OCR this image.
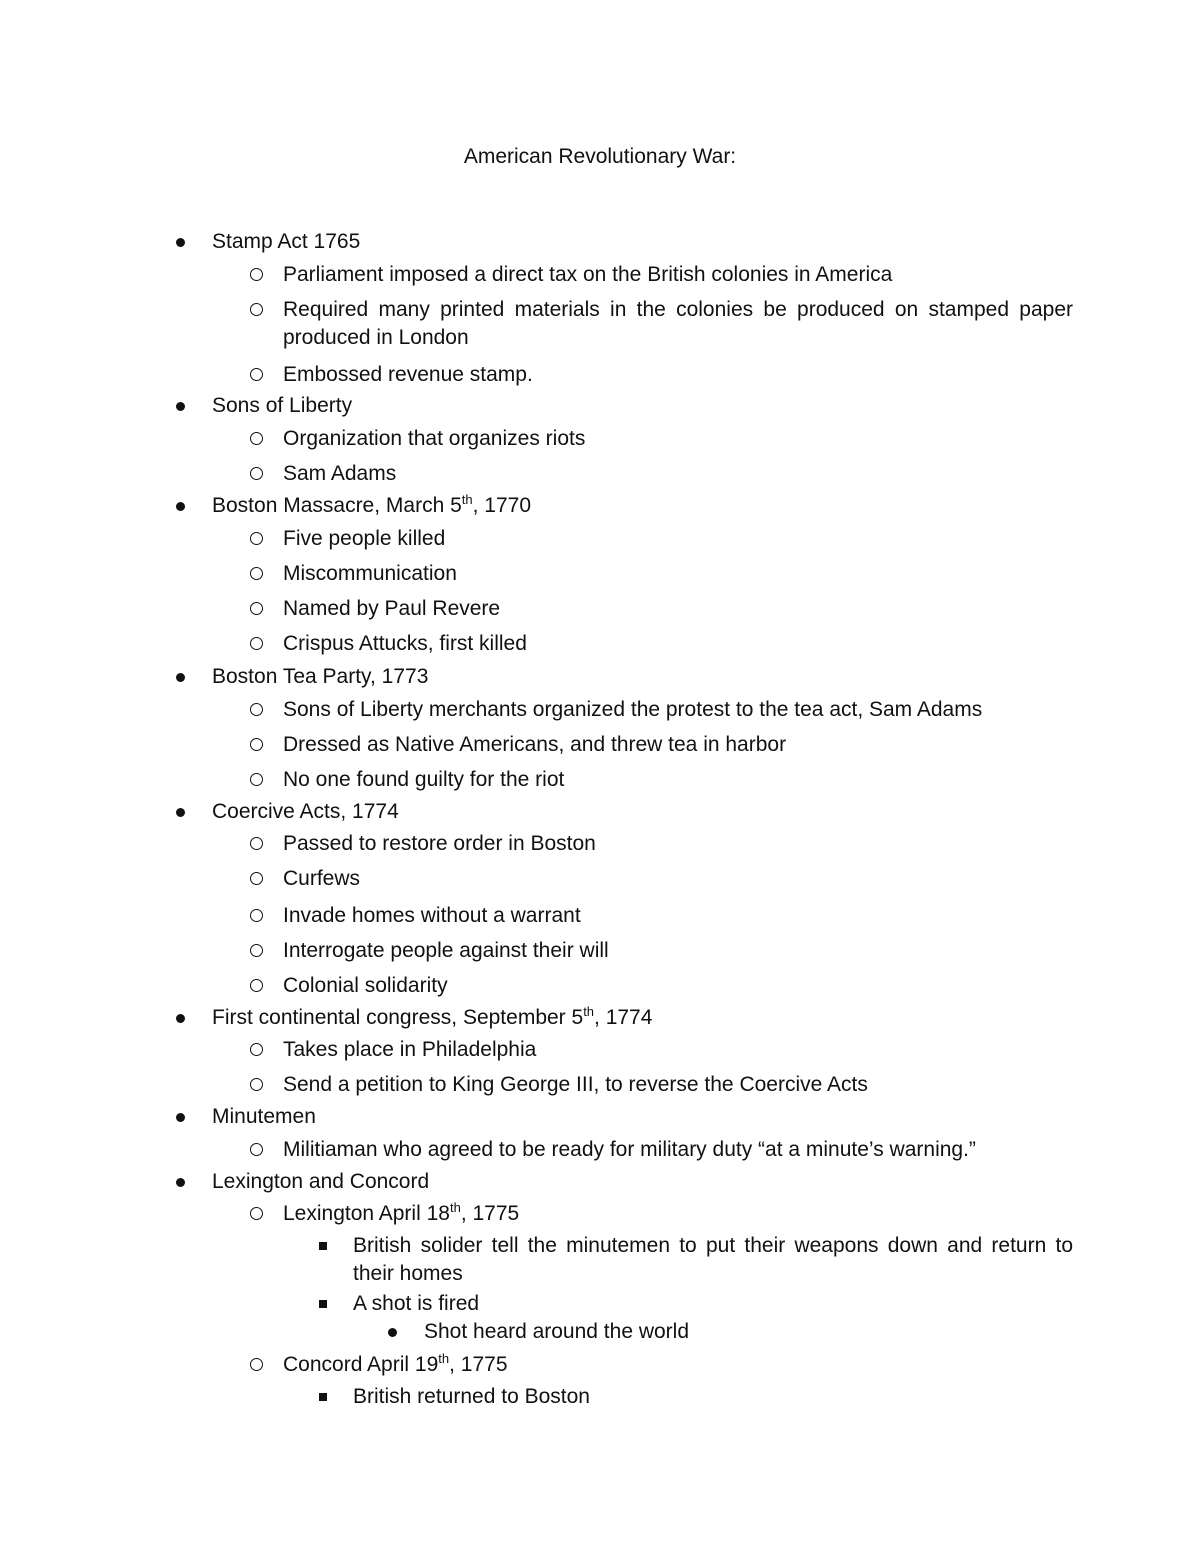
American Revolutionary War:
Stamp Act 1765
Parliament imposed a direct tax on the British colonies in America
Required many printed materials in the colonies be produced on stamped paper produced in London
Embossed revenue stamp.
Sons of Liberty
Organization that organizes riots
Sam Adams
Boston Massacre, March 5th, 1770
Five people killed
Miscommunication
Named by Paul Revere
Crispus Attucks, first killed
Boston Tea Party, 1773
Sons of Liberty merchants organized the protest to the tea act, Sam Adams
Dressed as Native Americans, and threw tea in harbor
No one found guilty for the riot
Coercive Acts, 1774
Passed to restore order in Boston
Curfews
Invade homes without a warrant
Interrogate people against their will
Colonial solidarity
First continental congress, September 5th, 1774
Takes place in Philadelphia
Send a petition to King George III, to reverse the Coercive Acts
Minutemen
Militiaman who agreed to be ready for military duty “at a minute’s warning.”
Lexington and Concord
Lexington April 18th, 1775
British solider tell the minutemen to put their weapons down and return to their homes
A shot is fired
Shot heard around the world
Concord April 19th, 1775
British returned to Boston
